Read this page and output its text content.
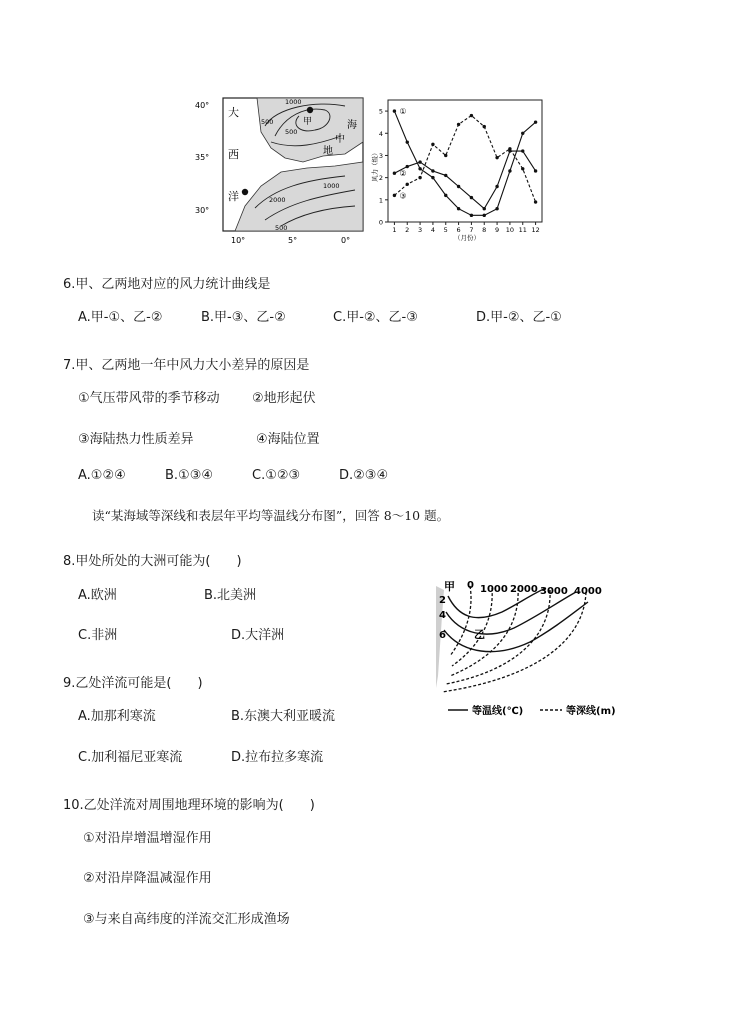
40°
35°
30°
10°	5°	0°
大
西
洋
海
中
地
甲
1000
500
500
1000
2000
500
风力（级）
（月份）
0
1
2
3
4
5
1 2 3 4 5 6 7 8 9 10 11 12
①
②
③
6.甲、乙两地对应的风力统计曲线是
A.甲-①、乙-②	B.甲-③、乙-②	C.甲-②、乙-③	D.甲-②、乙-①
7.甲、乙两地一年中风力大小差异的原因是
①气压带风带的季节移动 ②地形起伏
③海陆热力性质差异	④海陆位置
A.①②④	B.①③④	C.①②③	D.②③④
读“某海域等深线和表层年平均等温线分布图”，回答 8～10 题。
8.甲处所处的大洲可能为(　　)
A.欧洲	B.北美洲
C.非洲	D.大洋洲
甲
乙
0 1000 2000 3000 4000
2
4
6
等温线(℃)	等深线(m)
9.乙处洋流可能是(　　)
A.加那利寒流	B.东澳大利亚暖流
C.加利福尼亚寒流	D.拉布拉多寒流
10.乙处洋流对周围地理环境的影响为(　　)
①对沿岸增温增湿作用
②对沿岸降温减湿作用
③与来自高纬度的洋流交汇形成渔场
